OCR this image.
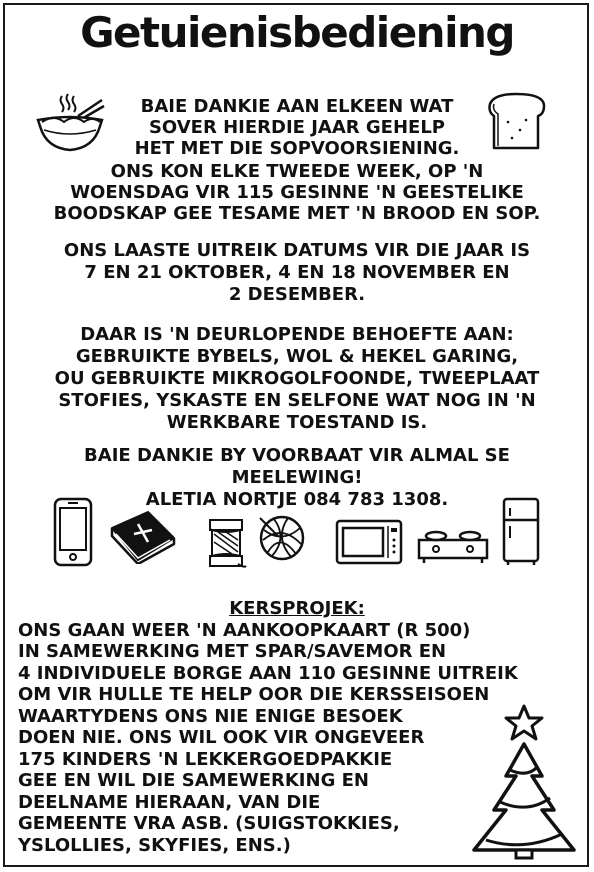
Getuienisbediening
BAIE DANKIE AAN ELKEEN WAT
SOVER HIERDIE JAAR GEHELP
HET MET DIE SOPVOORSIENING.
ONS KON ELKE TWEEDE WEEK, OP 'N
WOENSDAG VIR 115 GESINNE 'N GEESTELIKE
BOODSKAP GEE TESAME MET 'N BROOD EN SOP.
ONS LAASTE UITREIK DATUMS VIR DIE JAAR IS
7 EN 21 OKTOBER, 4 EN 18 NOVEMBER EN
2 DESEMBER.
DAAR IS 'N DEURLOPENDE BEHOEFTE AAN:
GEBRUIKTE BYBELS, WOL & HEKEL GARING,
OU GEBRUIKTE MIKROGOLFOONDE, TWEEPLAAT
STOFIES, YSKASTE EN SELFONE WAT NOG IN 'N
WERKBARE TOESTAND IS.
BAIE DANKIE BY VOORBAAT VIR ALMAL SE
MEELEWING!
ALETIA NORTJE 084 783 1308.
KERSPROJEK:
ONS GAAN WEER 'N AANKOOPKAART (R 500)
IN SAMEWERKING MET SPAR/SAVEMOR EN
4 INDIVIDUELE BORGE AAN 110 GESINNE UITREIK
OM VIR HULLE TE HELP OOR DIE KERSSEISOEN
WAARTYDENS ONS NIE ENIGE BESOEK
DOEN NIE. ONS WIL OOK VIR ONGEVEER
175 KINDERS 'N LEKKERGOEDPAKKIE
GEE EN WIL DIE SAMEWERKING EN
DEELNAME HIERAAN, VAN DIE
GEMEENTE VRA ASB. (SUIGSTOKKIES,
YSLOLLIES, SKYFIES, ENS.)
